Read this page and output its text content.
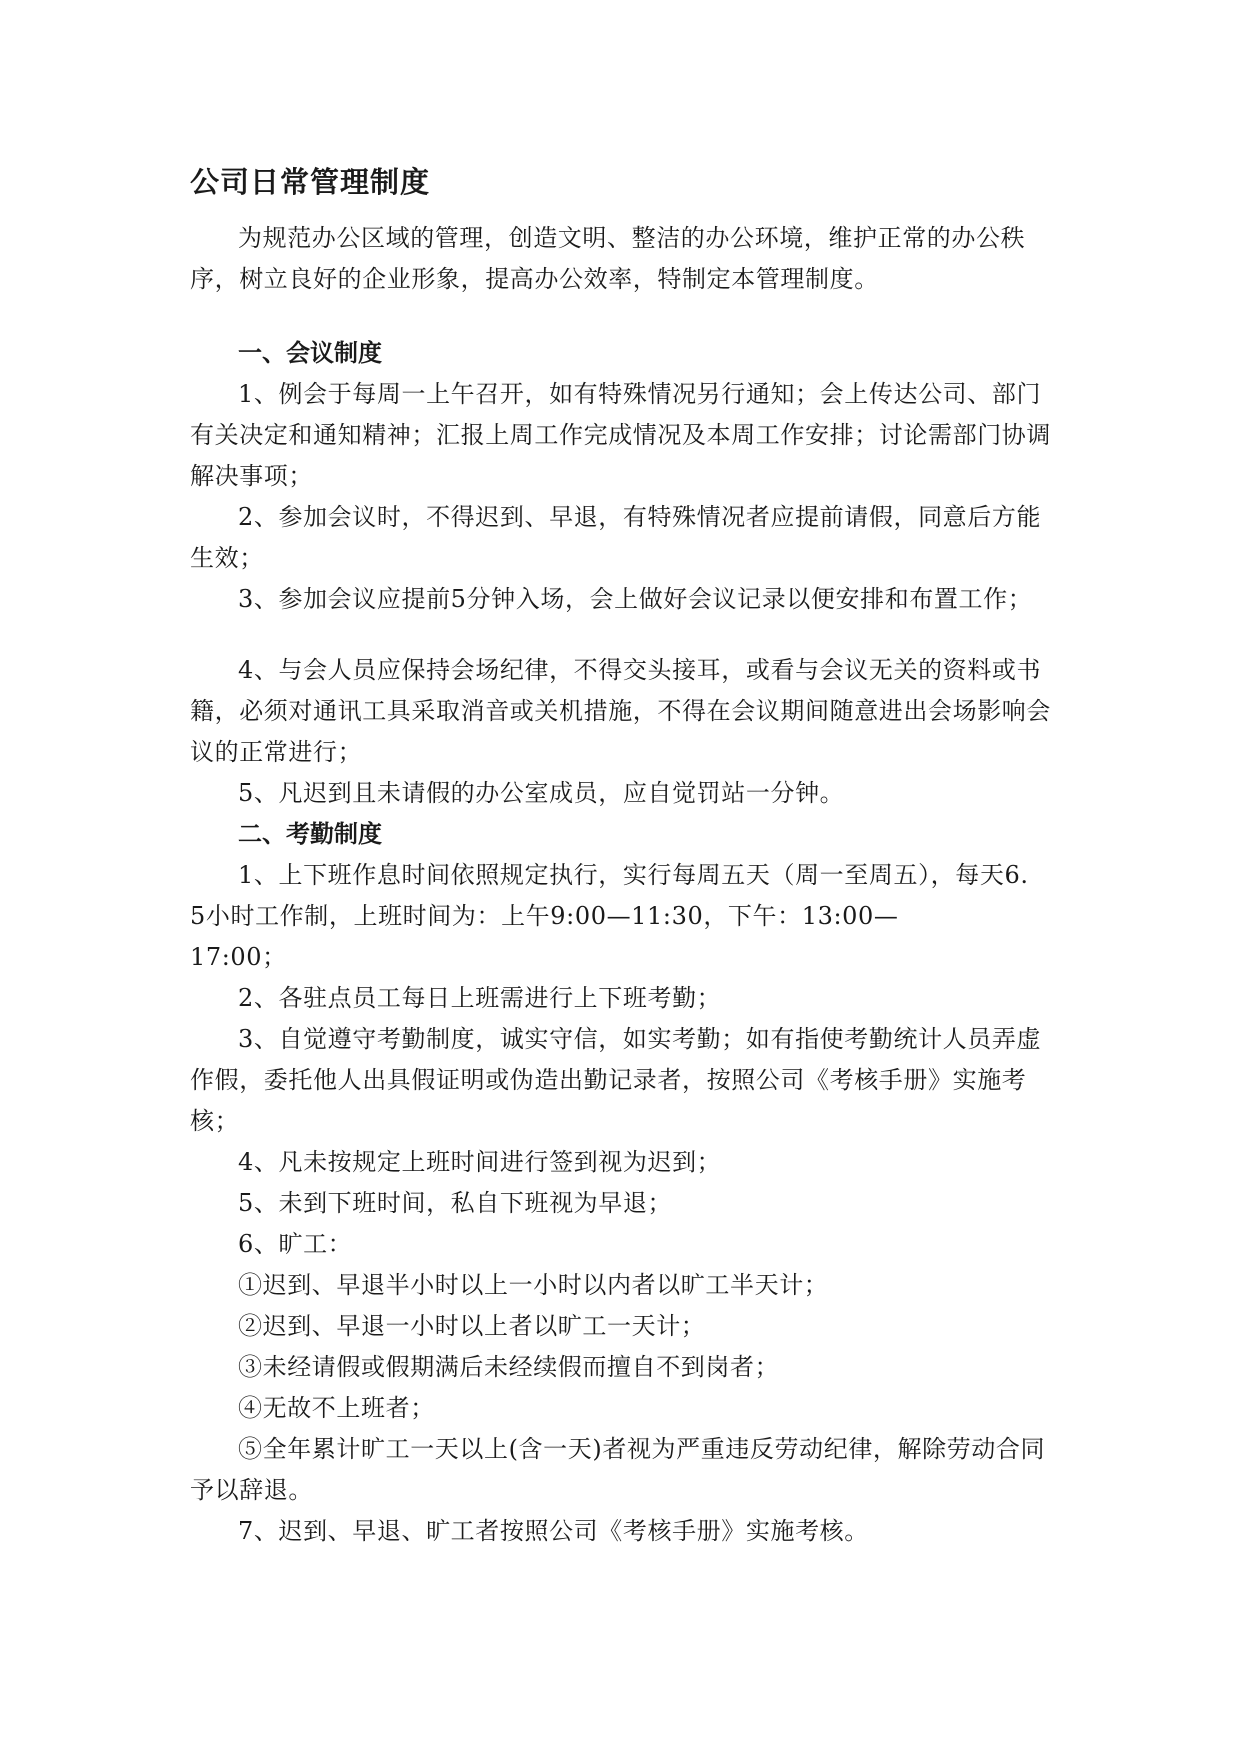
公司日常管理制度

为规范办公区域的管理，创造文明、整洁的办公环境，维护正常的办公秩序，树立良好的企业形象，提高办公效率，特制定本管理制度。

一、会议制度

1、例会于每周一上午召开，如有特殊情况另行通知；会上传达公司、部门有关决定和通知精神；汇报上周工作完成情况及本周工作安排；讨论需部门协调解决事项；

2、参加会议时，不得迟到、早退，有特殊情况者应提前请假，同意后方能生效；

3、参加会议应提前5分钟入场，会上做好会议记录以便安排和布置工作；

4、与会人员应保持会场纪律，不得交头接耳，或看与会议无关的资料或书籍，必须对通讯工具采取消音或关机措施，不得在会议期间随意进出会场影响会议的正常进行；

5、凡迟到且未请假的办公室成员，应自觉罚站一分钟。

二、考勤制度

1、上下班作息时间依照规定执行，实行每周五天（周一至周五），每天6.

5小时工作制，上班时间为：上午9:00—11:30，下午：13:00—

17:00；

2、各驻点员工每日上班需进行上下班考勤；

3、自觉遵守考勤制度，诚实守信，如实考勤；如有指使考勤统计人员弄虚作假，委托他人出具假证明或伪造出勤记录者，按照公司《考核手册》实施考核；

4、凡未按规定上班时间进行签到视为迟到；

5、未到下班时间，私自下班视为早退；

6、旷工：

①迟到、早退半小时以上一小时以内者以旷工半天计；

②迟到、早退一小时以上者以旷工一天计；

③未经请假或假期满后未经续假而擅自不到岗者；

④无故不上班者；

⑤全年累计旷工一天以上(含一天)者视为严重违反劳动纪律，解除劳动合同予以辞退。

7、迟到、早退、旷工者按照公司《考核手册》实施考核。
